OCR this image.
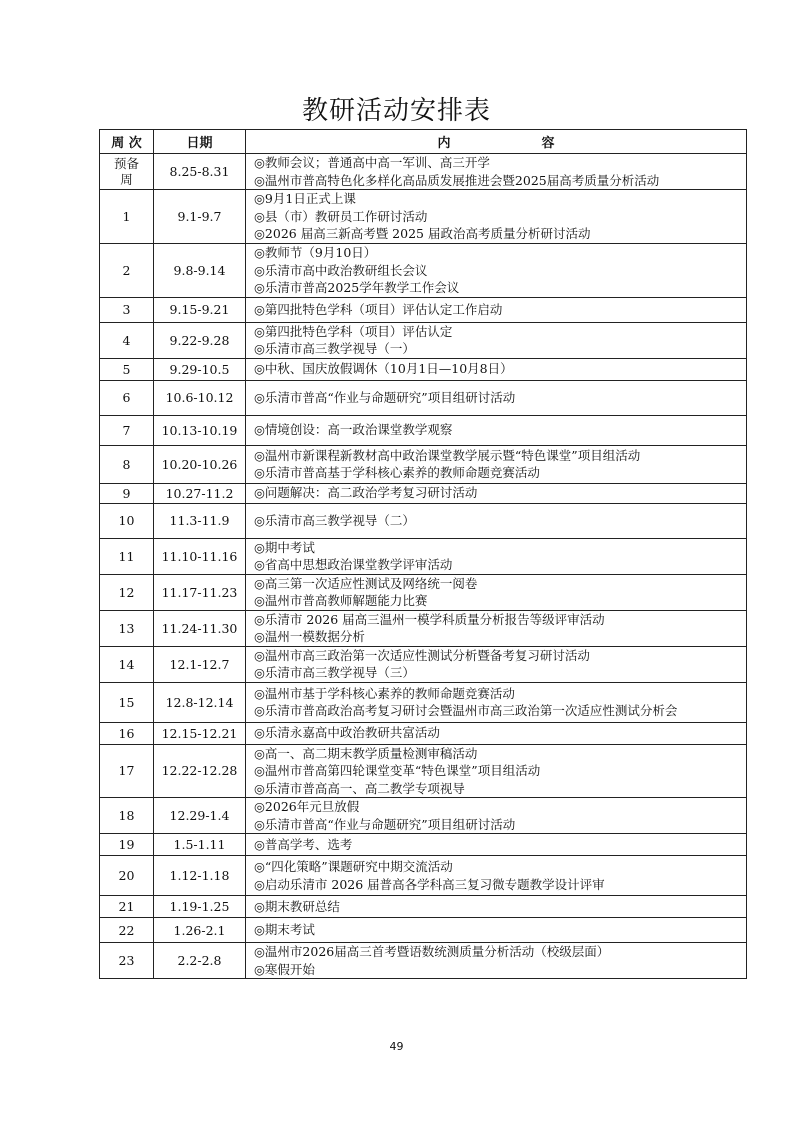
教研活动安排表
周 次	日期	内　　　　　　　容
预备周	8.25-8.31	◎教师会议；普通高中高一军训、高三开学
◎温州市普高特色化多样化高品质发展推进会暨2025届高考质量分析活动

1	9.1-9.7	◎9月1日正式上课
◎县（市）教研员工作研讨活动
◎2026 届高三新高考暨 2025 届政治高考质量分析研讨活动

2	9.8-9.14	◎教师节（9月10日）
◎乐清市高中政治教研组长会议
◎乐清市普高2025学年教学工作会议

3	9.15-9.21	◎第四批特色学科（项目）评估认定工作启动

4	9.22-9.28	◎第四批特色学科（项目）评估认定
◎乐清市高三教学视导（一）

5	9.29-10.5	◎中秋、国庆放假调休（10月1日—10月8日）

6	10.6-10.12	◎乐清市普高“作业与命题研究”项目组研讨活动

7	10.13-10.19	◎情境创设：高一政治课堂教学观察

8	10.20-10.26	◎温州市新课程新教材高中政治课堂教学展示暨“特色课堂”项目组活动
◎乐清市普高基于学科核心素养的教师命题竞赛活动

9	10.27-11.2	◎问题解决：高二政治学考复习研讨活动

10	11.3-11.9	◎乐清市高三教学视导（二）

11	11.10-11.16	◎期中考试
◎省高中思想政治课堂教学评审活动

12	11.17-11.23	◎高三第一次适应性测试及网络统一阅卷
◎温州市普高教师解题能力比赛

13	11.24-11.30	◎乐清市 2026 届高三温州一模学科质量分析报告等级评审活动
◎温州一模数据分析

14	12.1-12.7	◎温州市高三政治第一次适应性测试分析暨备考复习研讨活动
◎乐清市高三教学视导（三）

15	12.8-12.14	◎温州市基于学科核心素养的教师命题竞赛活动
◎乐清市普高政治高考复习研讨会暨温州市高三政治第一次适应性测试分析会

16	12.15-12.21	◎乐清永嘉高中政治教研共富活动

17	12.22-12.28	◎高一、高二期末教学质量检测审稿活动
◎温州市普高第四轮课堂变革“特色课堂”项目组活动
◎乐清市普高高一、高二教学专项视导

18	12.29-1.4	◎2026年元旦放假
◎乐清市普高“作业与命题研究”项目组研讨活动

19	1.5-1.11	◎普高学考、选考

20	1.12-1.18	◎“四化策略”课题研究中期交流活动
◎启动乐清市 2026 届普高各学科高三复习微专题教学设计评审

21	1.19-1.25	◎期末教研总结

22	1.26-2.1	◎期末考试

23	2.2-2.8	◎温州市2026届高三首考暨语数统测质量分析活动（校级层面）
◎寒假开始
49
